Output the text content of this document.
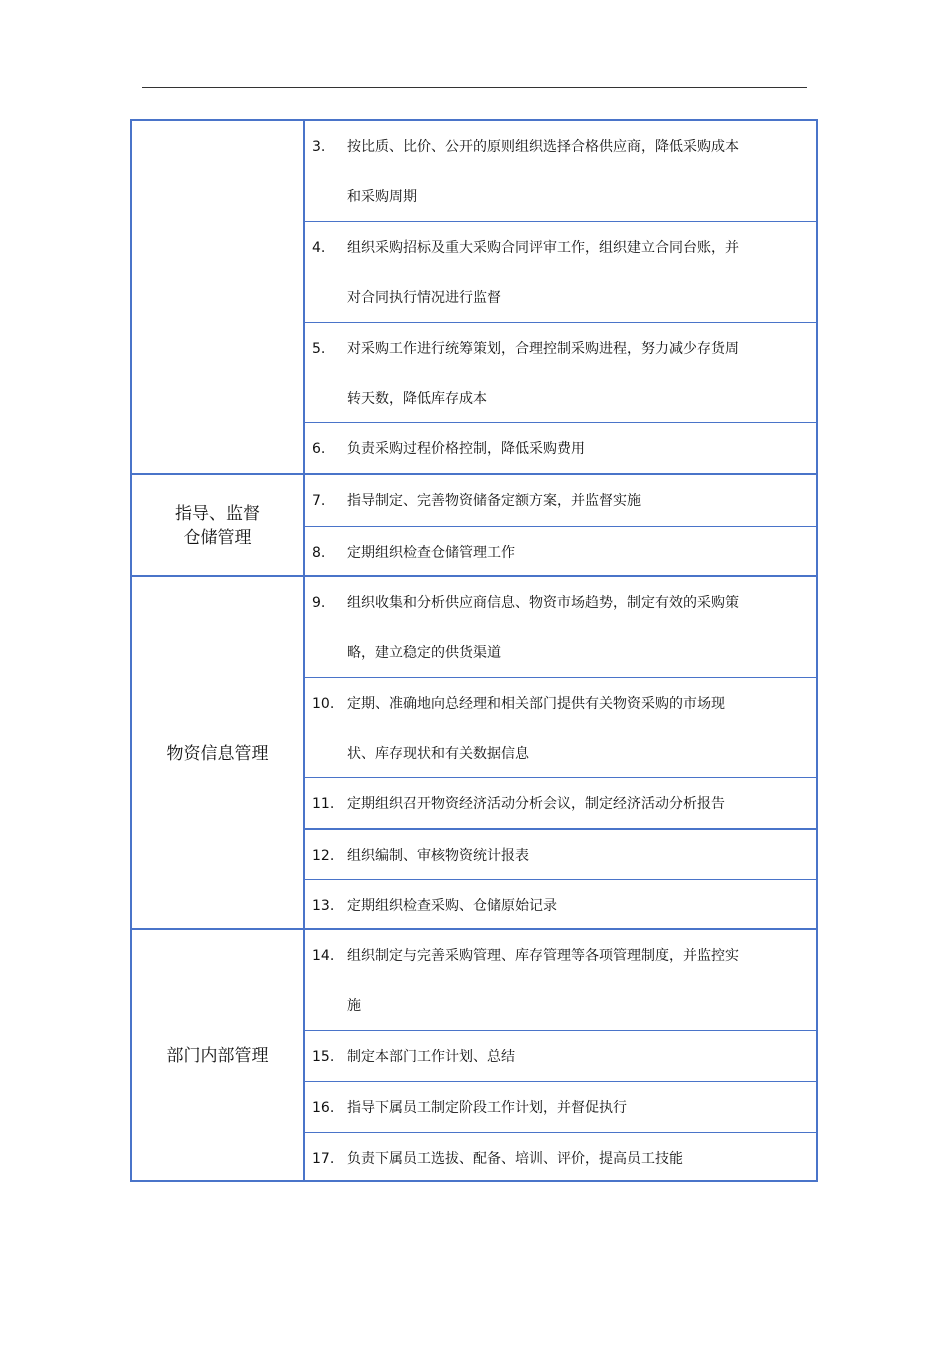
3.	按比质、比价、公开的原则组织选择合格供应商，降低采购成本
和采购周期
4.	组织采购招标及重大采购合同评审工作，组织建立合同台账，并
对合同执行情况进行监督
5.	对采购工作进行统筹策划，合理控制采购进程，努力减少存货周
转天数，降低库存成本
6.	负责采购过程价格控制，降低采购费用
指导、监督
仓储管理
7.	指导制定、完善物资储备定额方案，并监督实施
8.	定期组织检查仓储管理工作
物资信息管理
9.	组织收集和分析供应商信息、物资市场趋势，制定有效的采购策
略，建立稳定的供货渠道
10. 定期、准确地向总经理和相关部门提供有关物资采购的市场现
状、库存现状和有关数据信息
11. 定期组织召开物资经济活动分析会议，制定经济活动分析报告
12. 组织编制、审核物资统计报表
13. 定期组织检查采购、仓储原始记录
部门内部管理
14. 组织制定与完善采购管理、库存管理等各项管理制度，并监控实
施
15. 制定本部门工作计划、总结
16. 指导下属员工制定阶段工作计划，并督促执行
17. 负责下属员工选拔、配备、培训、评价，提高员工技能
